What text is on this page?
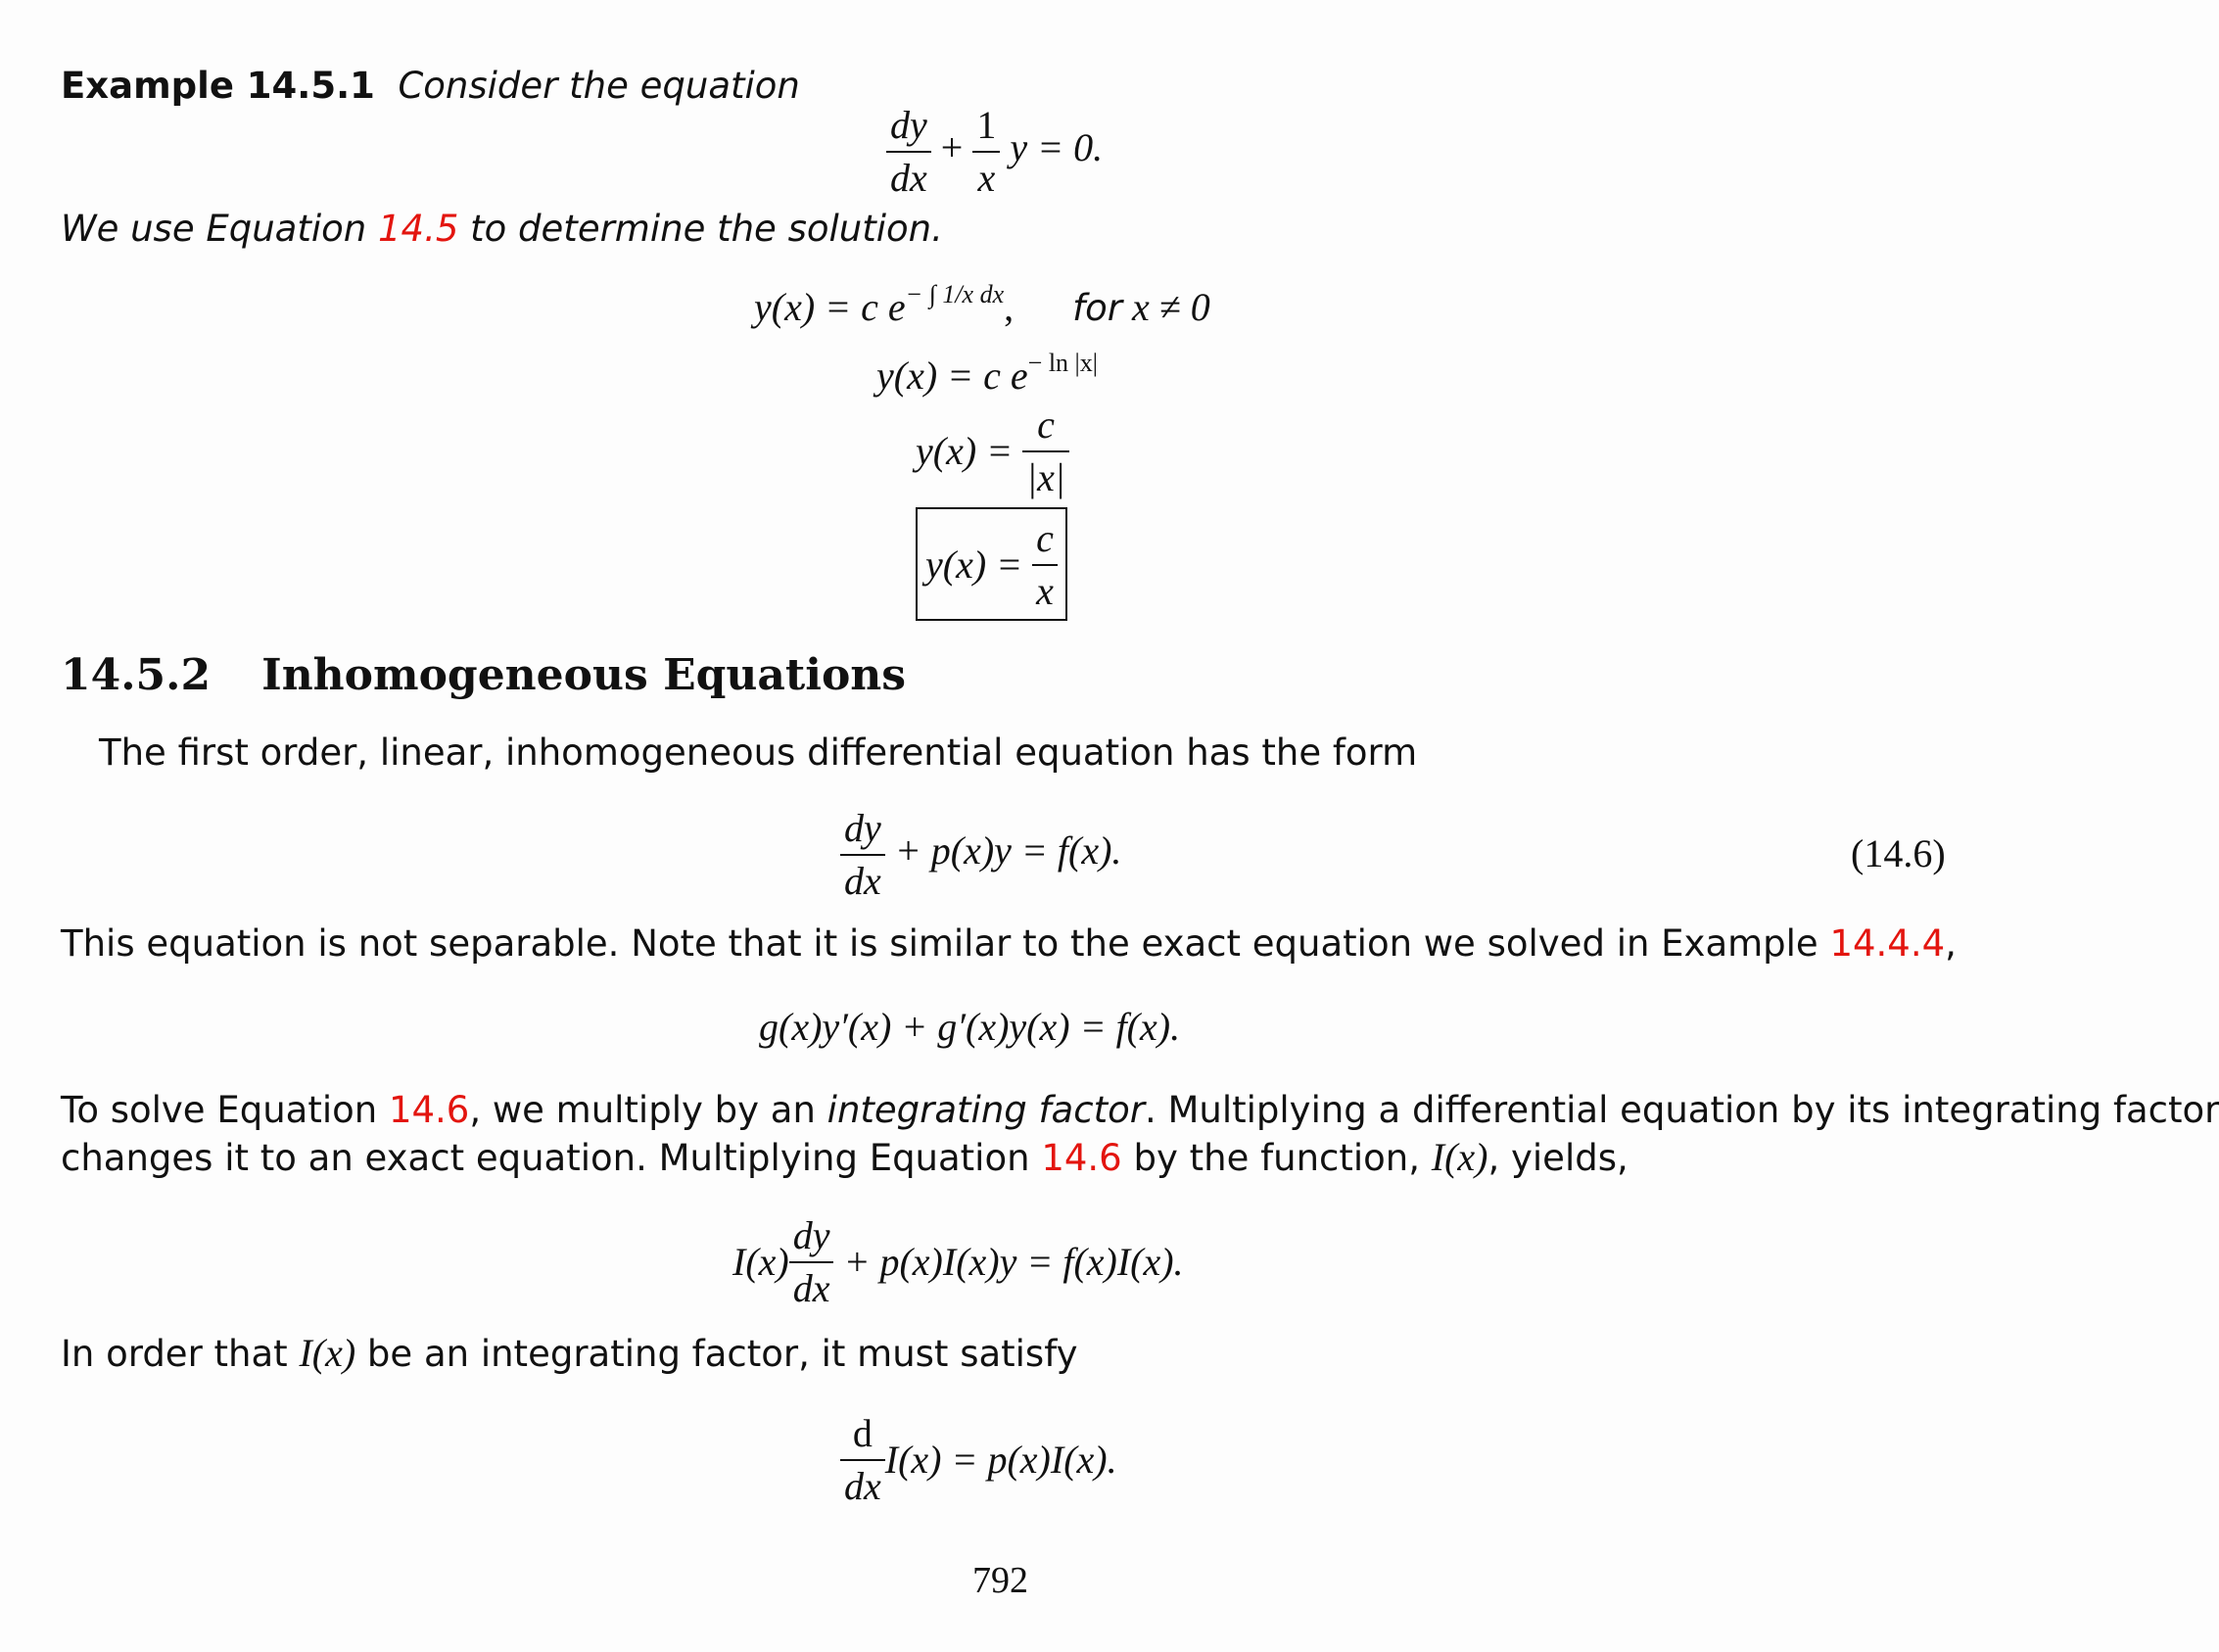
Example 14.5.1 Consider the equation
$\frac{dy}{dx} + \frac{1}{x}$ y = 0.
We use Equation 14.5 to determine the solution.
y(x) = c $e^{- \int 1/x dx}$, for x ≠ 0
y(x) = c $e^{- ln |x|}$
$y(x) = \frac{c}{|x|}$
$y(x) = \frac{c}{x}$
14.5.2 Inhomogeneous Equations
The first order, linear, inhomogeneous differential equation has the form
$\frac{dy}{dx} + p(x)y = f(x)$.	(14.6)
This equation is not separable. Note that it is similar to the exact equation we solved in Example 14.4.4,
g(x)y′(x) + g′(x)y(x) = f(x).
To solve Equation 14.6, we multiply by an integrating factor. Multiplying a differential equation by its integrating factor
changes it to an exact equation. Multiplying Equation 14.6 by the function, I(x), yields,
$I(x) \frac{dy}{dx} + p(x)I(x)y = f(x)I(x)$.
In order that I(x) be an integrating factor, it must satisfy
$\frac{d}{dx} I(x) = p(x)I(x)$.
792
